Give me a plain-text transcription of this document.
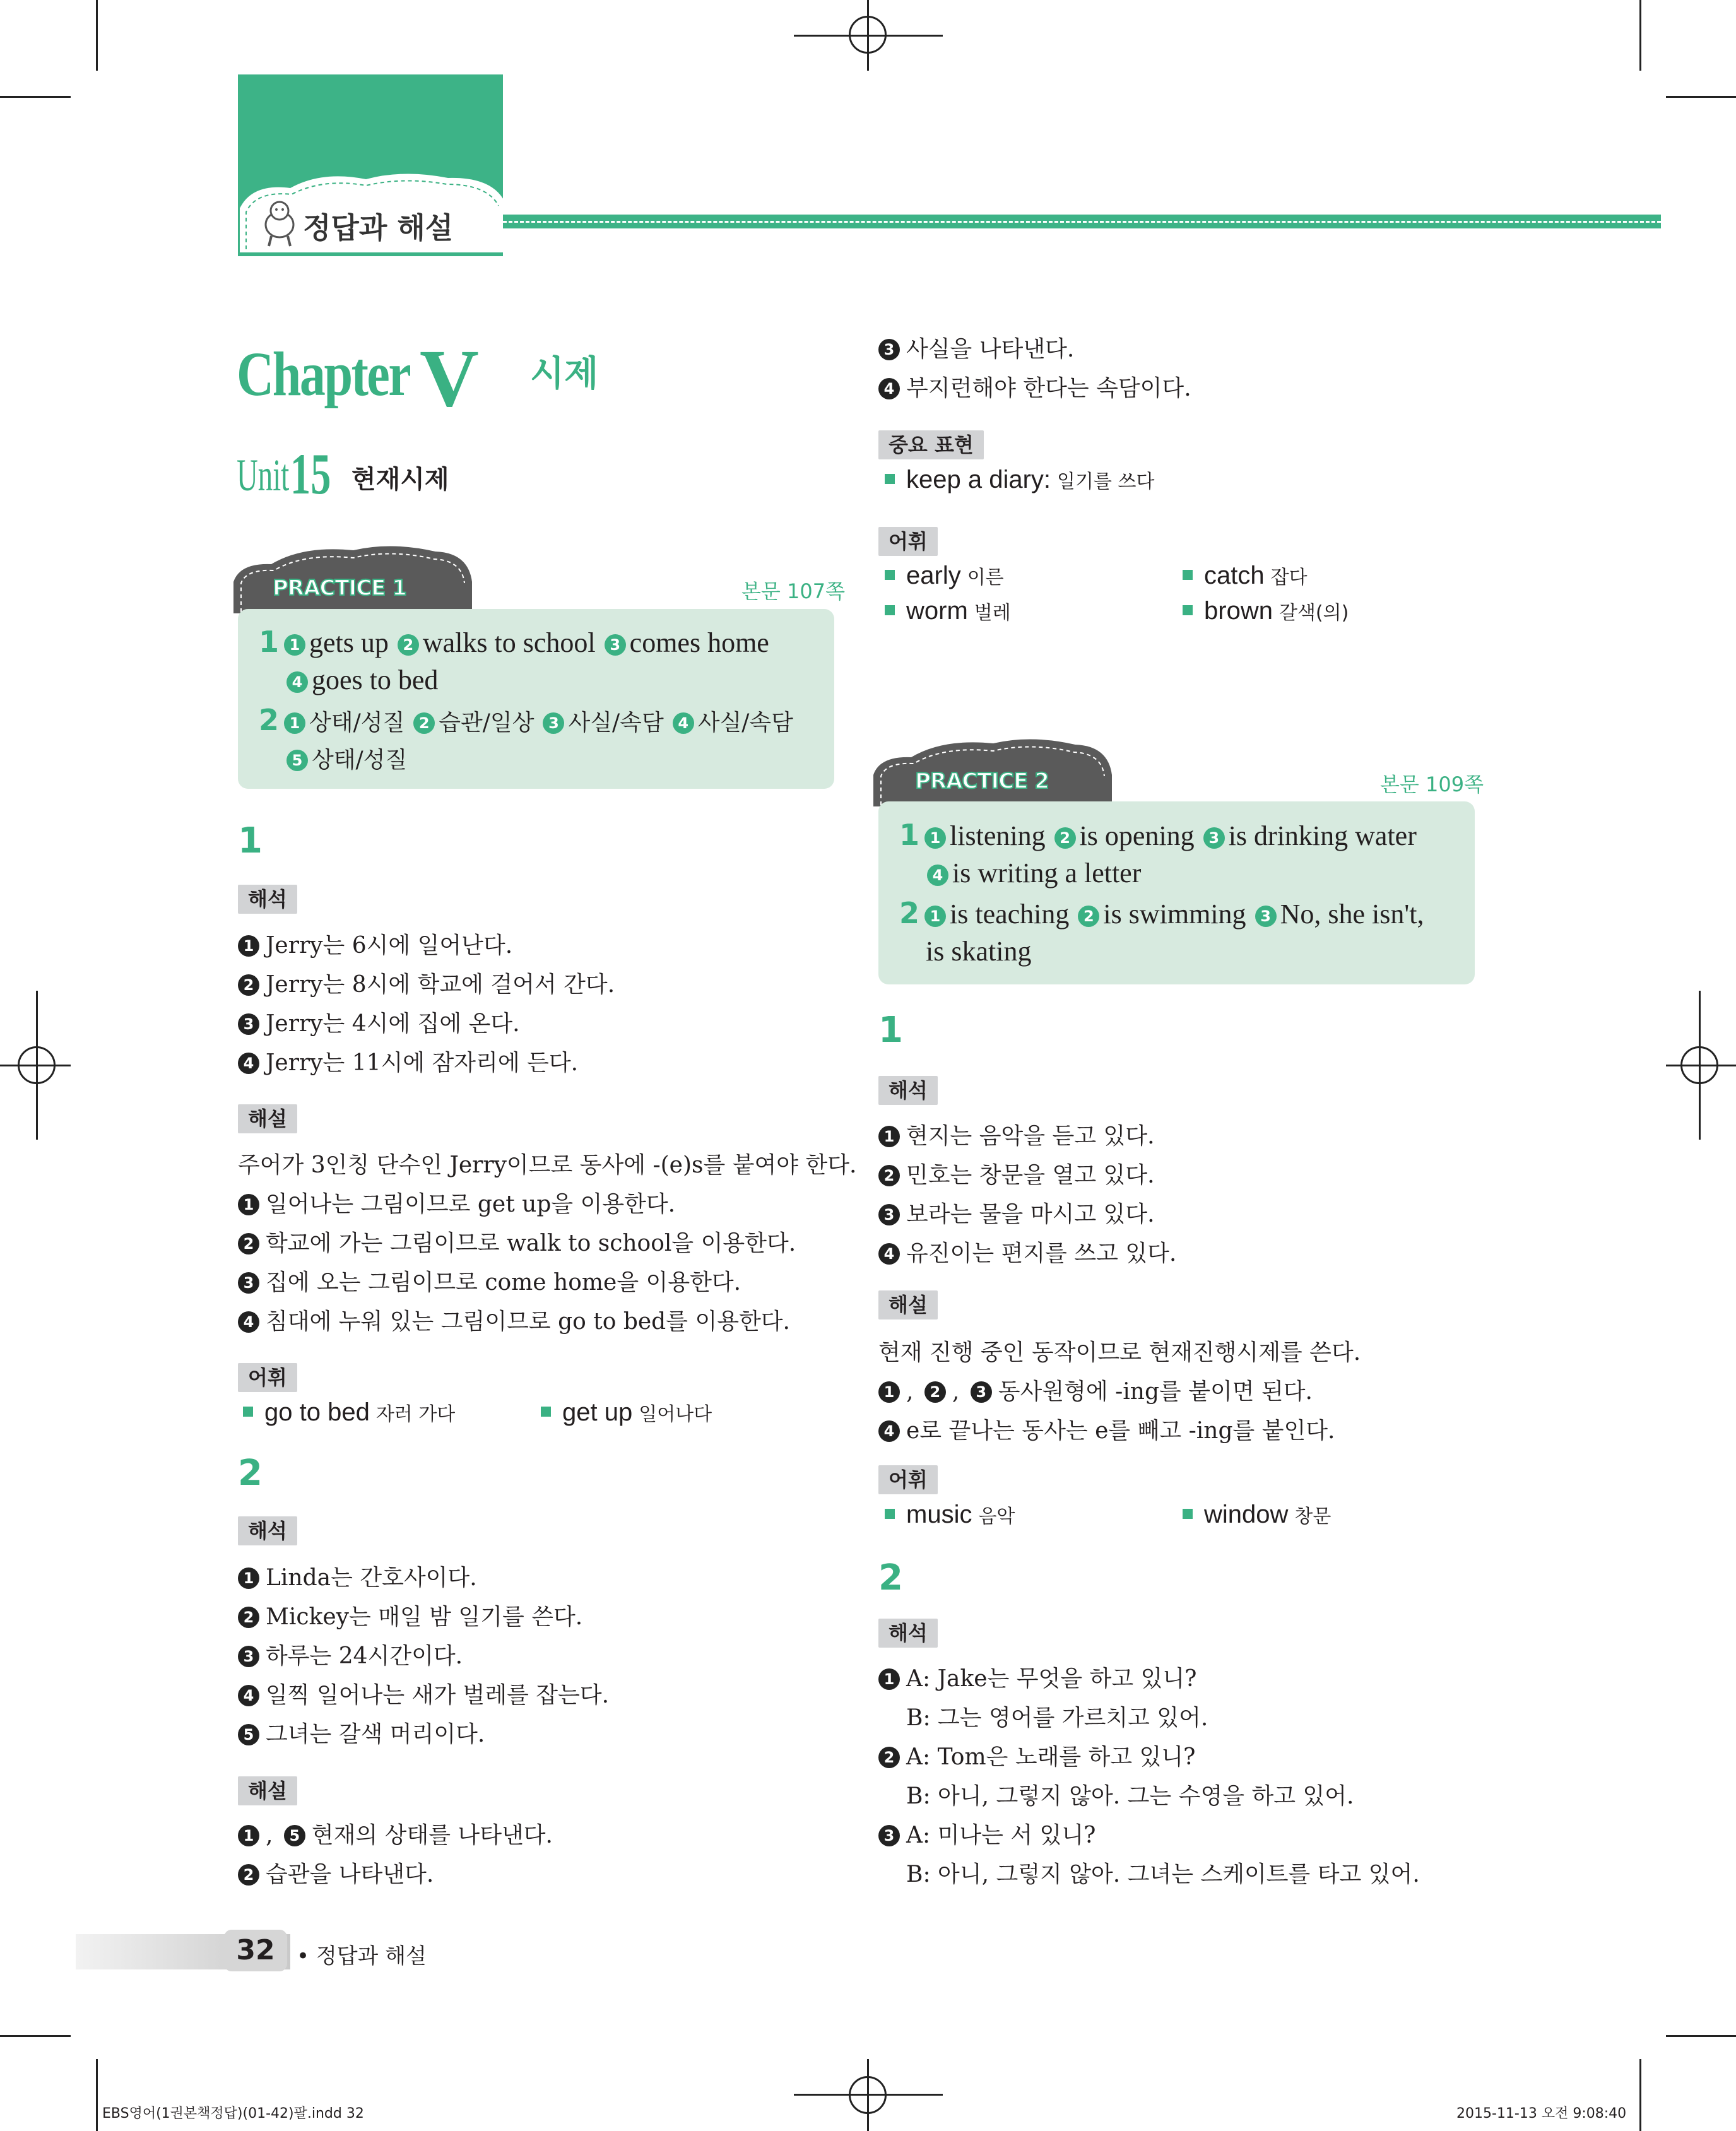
정답과 해설
Chapter V 시제
Unit 15 현재시제
PRACTICE 1	본문 107쪽
1 1 gets up 2 walks to school 3 comes home
4 goes to bed
2 1 상태/성질 2 습관/일상 3 사실/속담 4 사실/속담
5 상태/성질
1
해석
1 Jerry는 6시에 일어난다.
2 Jerry는 8시에 학교에 걸어서 간다.
3 Jerry는 4시에 집에 온다.
4 Jerry는 11시에 잠자리에 든다.
해설
주어가 3인칭 단수인 Jerry이므로 동사에 -(e)s를 붙여야 한다.
1 일어나는 그림이므로 get up을 이용한다.
2 학교에 가는 그림이므로 walk to school을 이용한다.
3 집에 오는 그림이므로 come home을 이용한다.
4 침대에 누워 있는 그림이므로 go to bed를 이용한다.
어휘
go to bed 자러 가다	get up 일어나다
2
해석
1 Linda는 간호사이다.
2 Mickey는 매일 밤 일기를 쓴다.
3 하루는 24시간이다.
4 일찍 일어나는 새가 벌레를 잡는다.
5 그녀는 갈색 머리이다.
해설
1 , 5 현재의 상태를 나타낸다.
2 습관을 나타낸다.
3 사실을 나타낸다.
4 부지런해야 한다는 속담이다.
중요 표현
keep a diary: 일기를 쓰다
어휘
early 이른	catch 잡다
worm 벌레	brown 갈색(의)
PRACTICE 2	본문 109쪽
1 1 listening 2 is opening 3 is drinking water
4 is writing a letter
2 1 is teaching 2 is swimming 3 No, she isn't,
is skating
1
해석
1 현지는 음악을 듣고 있다.
2 민호는 창문을 열고 있다.
3 보라는 물을 마시고 있다.
4 유진이는 편지를 쓰고 있다.
해설
현재 진행 중인 동작이므로 현재진행시제를 쓴다.
1 , 2 , 3 동사원형에 -ing를 붙이면 된다.
4 e로 끝나는 동사는 e를 빼고 -ing를 붙인다.
어휘
music 음악	window 창문
2
해석
1 A: Jake는 무엇을 하고 있니?
B: 그는 영어를 가르치고 있어.
2 A: Tom은 노래를 하고 있니?
B: 아니, 그렇지 않아. 그는 수영을 하고 있어.
3 A: 미나는 서 있니?
B: 아니, 그렇지 않아. 그녀는 스케이트를 타고 있어.
32	• 정답과 해설
EBS영어(1권본책정답)(01-42)팔.indd 32	2015-11-13 오전 9:08:40
